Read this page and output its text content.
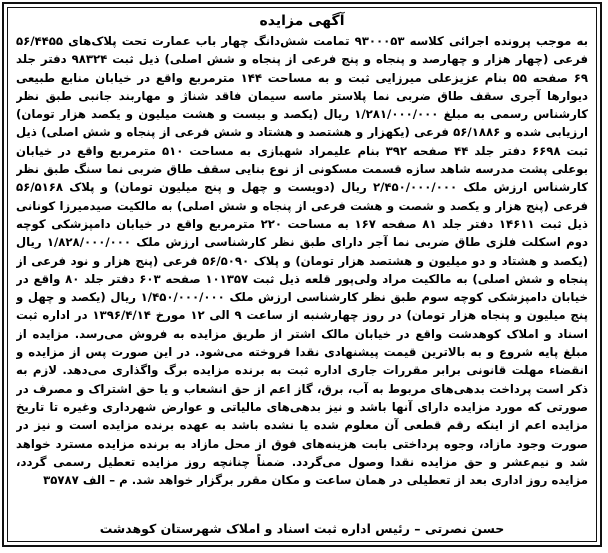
آگهی مزایده
به موجب پرونده اجرائی کلاسه ۹۳۰۰۰۵۳ تمامت شش‌دانگ چهار باب عمارت تحت پلاک‌های ۵۶/۴۴۵۵ فرعی (چهار هزار و چهارصد و پنجاه و پنج فرعی از پنجاه و شش اصلی) ذیل ثبت ۹۸۳۲۴ دفتر جلد ۶۹ صفحه ۵۵ بنام عزیزعلی میرزایی ثبت و به مساحت ۱۴۴ مترمربع واقع در خیابان منابع طبیعی دیوارها آجری سقف طاق ضربی نما پلاستر ماسه سیمان فاقد شناژ و مهاربند جانبی طبق نظر کارشناس رسمی به مبلغ ۱/۲۸۱/۰۰۰/۰۰۰ ریال (یکصد و بیست و هشت میلیون و یکصد هزار تومان) ارزیابی شده و ۵۶/۱۸۸۶ فرعی (یکهزار و هشتصد و هشتاد و شش فرعی از پنجاه و شش اصلی) ذیل ثبت ۶۶۹۸ دفتر جلد ۴۴ صفحه ۳۹۲ بنام علیمراد شهبازی به مساحت ۵۱۰ مترمربع واقع در خیابان بوعلی پشت مدرسه شاهد سازه قسمت مسکونی از نوع بنایی سقف طاق ضربی نما سنگ طبق نظر کارشناس ارزش ملک ۲/۴۵۰/۰۰۰/۰۰۰ ریال (دویست و چهل و پنج میلیون تومان) و پلاک ۵۶/۵۱۶۸ فرعی (پنج هزار و یکصد و شصت و هشت فرعی از پنجاه و شش اصلی) به مالکیت صیدمیرزا کونانی ذیل ثبت ۱۴۶۱۱ دفتر جلد ۸۱ صفحه ۱۶۷ به مساحت ۲۲۰ مترمربع واقع در خیابان دامپزشکی کوچه دوم اسکلت فلزی طاق ضربی نما آجر دارای طبق نظر کارشناسی ارزش ملک ۱/۸۲۸/۰۰۰/۰۰۰ ریال (یکصد و هشتاد و دو میلیون و هشتصد هزار تومان) و پلاک ۵۶/۵۰۹۰ فرعی (پنج هزار و نود فرعی از پنجاه و شش اصلی) به مالکیت مراد ولی‌پور قلعه ذیل ثبت ۱۰۱۳۵۷ صفحه ۶۰۳ دفتر جلد ۸۰ واقع در خیابان دامپزشکی کوچه سوم طبق نظر کارشناسی ارزش ملک ۱/۴۵۰/۰۰۰/۰۰۰ ریال (یکصد و چهل و پنج میلیون و پنجاه هزار تومان) در روز چهارشنبه از ساعت ۹ الی ۱۲ مورخ ۱۳۹۶/۴/۱۴ در اداره ثبت اسناد و املاک کوهدشت واقع در خیابان مالک اشتر از طریق مزایده به فروش می‌رسد. مزایده از مبلغ پایه شروع و به بالاترین قیمت پیشنهادی نقدا فروخته می‌شود. در این صورت پس از مزایده و انقضاء مهلت قانونی برابر مقررات جاری اداره ثبت به برنده مزایده برگ واگذاری می‌دهد. لازم به ذکر است پرداخت بدهی‌های مربوط به آب، برق، گاز اعم از حق انشعاب و یا حق اشتراک و مصرف در صورتی که مورد مزایده دارای آنها باشد و نیز بدهی‌های مالیاتی و عوارض شهرداری وغیره تا تاریخ مزایده اعم از اینکه رقم قطعی آن معلوم شده یا نشده باشد به عهده برنده مزایده است و نیز در صورت وجود مازاد، وجوه پرداختی بابت هزینه‌های فوق از محل مازاد به برنده مزایده مسترد خواهد شد و نیم‌عشر و حق مزایده نقدا وصول می‌گردد. ضمناً چنانچه روز مزایده تعطیل رسمی گردد، مزایده روز اداری بعد از تعطیلی در همان ساعت و مکان مقرر برگزار خواهد شد. م – الف ۳۵۷۸۷
حسن نصرتی – رئیس اداره ثبت اسناد و املاک شهرستان کوهدشت
